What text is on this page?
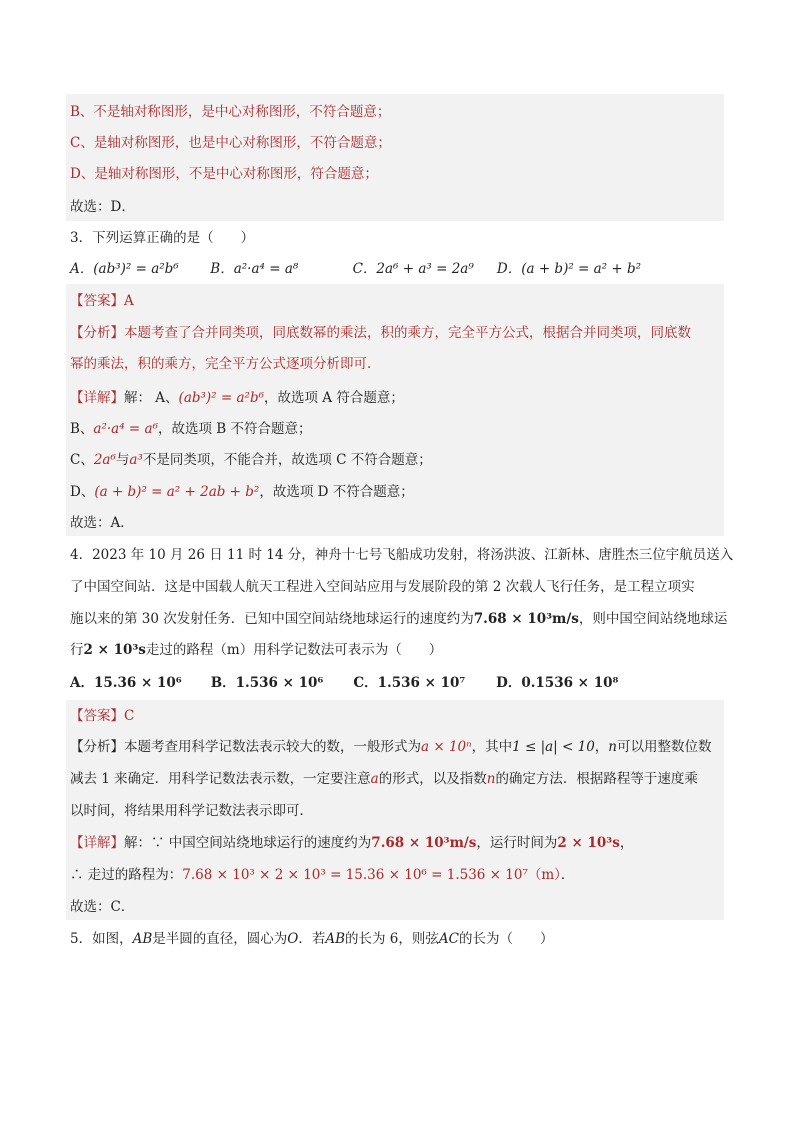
B、不是轴对称图形，是中心对称图形，不符合题意；
C、是轴对称图形，也是中心对称图形，不符合题意；
D、是轴对称图形，不是中心对称图形，符合题意；
故选：D．
3．下列运算正确的是（　　）
A．(ab³)² = a²b⁶ B．a²·a⁴ = a⁸	C．2a⁶ + a³ = 2a⁹ D．(a + b)² = a² + b²
【答案】A
【分析】本题考查了合并同类项，同底数幂的乘法，积的乘方，完全平方公式，根据合并同类项，同底数
幂的乘法，积的乘方，完全平方公式逐项分析即可．
【详解】解： A、(ab³)² = a²b⁶，故选项 A 符合题意；
B、a²·a⁴ = a⁶，故选项 B 不符合题意；
C、2a⁶与a³不是同类项，不能合并，故选项 C 不符合题意；
D、(a + b)² = a² + 2ab + b²，故选项 D 不符合题意；
故选：A．
4．2023 年 10 月 26 日 11 时 14 分，神舟十七号飞船成功发射，将汤洪波、江新林、唐胜杰三位宇航员送入
了中国空间站．这是中国载人航天工程进入空间站应用与发展阶段的第 2 次载人飞行任务，是工程立项实
施以来的第 30 次发射任务．已知中国空间站绕地球运行的速度约为7.68 × 10³m/s，则中国空间站绕地球运
行2 × 10³s走过的路程（m）用科学记数法可表示为（　　）
A．15.36 × 10⁶ B．1.536 × 10⁶ C．1.536 × 10⁷ D．0.1536 × 10⁸
【答案】C
【分析】本题考查用科学记数法表示较大的数，一般形式为a × 10ⁿ，其中1 ≤ |a| < 10，n可以用整数位数
减去 1 来确定．用科学记数法表示数，一定要注意a的形式，以及指数n的确定方法．根据路程等于速度乘
以时间，将结果用科学记数法表示即可．
【详解】解：∵ 中国空间站绕地球运行的速度约为7.68 × 10³m/s，运行时间为2 × 10³s，
∴ 走过的路程为：7.68 × 10³ × 2 × 10³ = 15.36 × 10⁶ = 1.536 × 10⁷（m）．
故选：C．
5．如图，AB是半圆的直径，圆心为O．若AB的长为 6，则弦AC的长为（　　）
